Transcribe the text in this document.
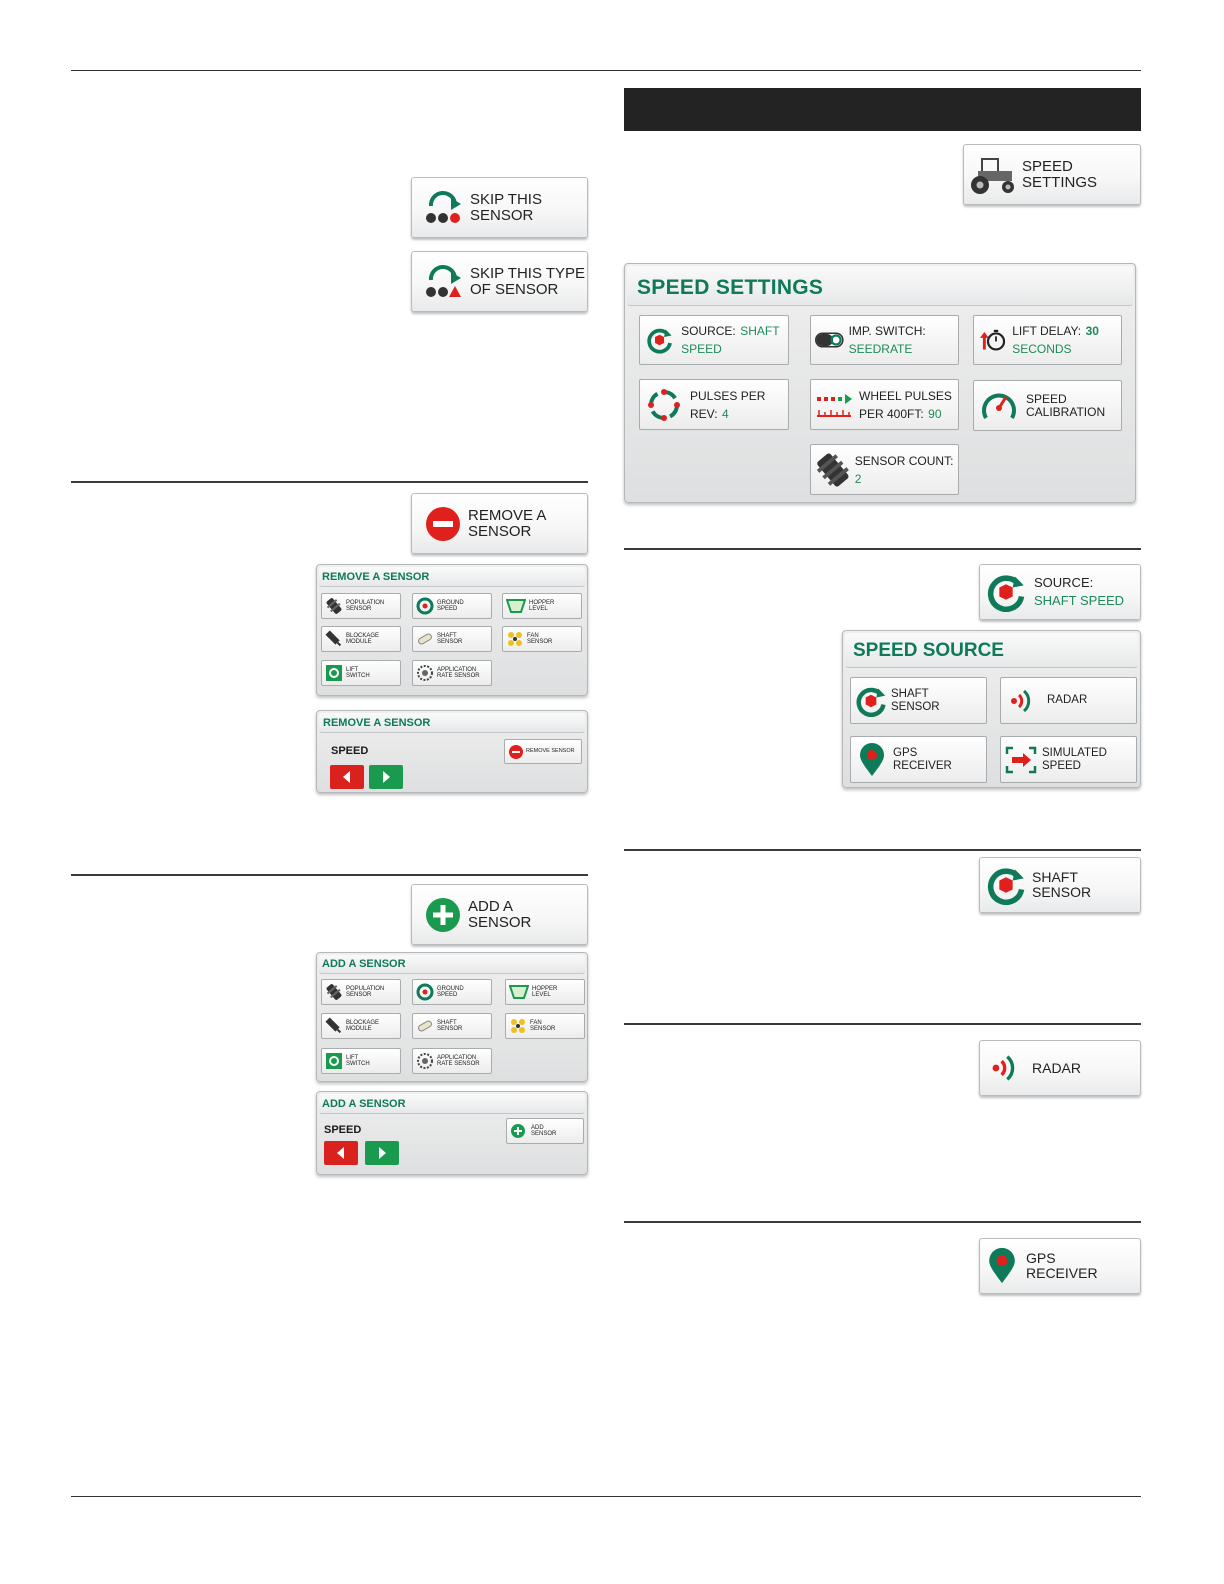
SKIP THIS
SENSOR
SKIP THIS TYPE
OF SENSOR
REMOVE A
SENSOR
REMOVE A SENSOR
POPULATION
SENSOR
GROUND
SPEED
HOPPER
LEVEL
BLOCKAGE
MODULE
SHAFT
SENSOR
FAN
SENSOR
LIFT
SWITCH
APPLICATION
RATE SENSOR
REMOVE A SENSOR
SPEED	REMOVE SENSOR
ADD A
SENSOR
ADD A SENSOR
POPULATION
SENSOR
GROUND
SPEED
HOPPER
LEVEL
BLOCKAGE
MODULE
SHAFT
SENSOR
FAN
SENSOR
LIFT
SWITCH
APPLICATION
RATE SENSOR
ADD A SENSOR
SPEED	ADD
SENSOR
SPEED
SETTINGS
SPEED SETTINGS
SOURCE: SHAFT SPEED
IMP. SWITCH: SEEDRATE
LIFT DELAY: 30 SECONDS
PULSES PER
REV: 4
WHEEL PULSES
PER 400FT: 90
SPEED
CALIBRATION
SENSOR COUNT: 2
SOURCE:
SHAFT SPEED
SPEED SOURCE
SHAFT
SENSOR
RADAR
GPS
RECEIVER
SIMULATED
SPEED
SHAFT
SENSOR
RADAR
GPS
RECEIVER
